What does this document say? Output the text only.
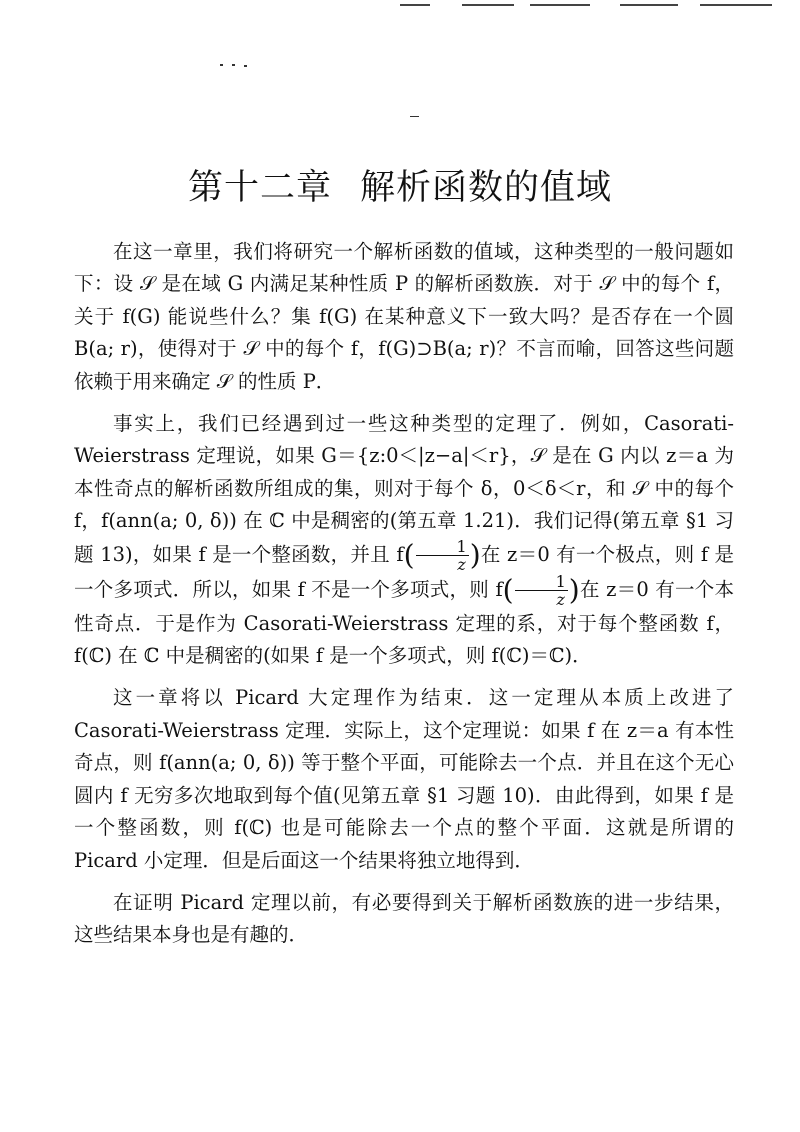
第十二章 解析函数的值域

在这一章里，我们将研究一个解析函数的值域，这种类型的一般问题如下：设 𝒮 是在域 G 内满足某种性质 P 的解析函数族．对于 𝒮 中的每个 f，关于 f(G) 能说些什么？集 f(G) 在某种意义下一致大吗？是否存在一个圆 B(a; r)，使得对于 𝒮 中的每个 f，f(G)⊃B(a; r)？不言而喻，回答这些问题依赖于用来确定 𝒮 的性质 P．

事实上，我们已经遇到过一些这种类型的定理了．例如，Casorati-Weierstrass 定理说，如果 G＝{z:0＜|z−a|＜r}，𝒮 是在 G 内以 z＝a 为本性奇点的解析函数所组成的集，则对于每个 δ，0＜δ＜r，和 𝒮 中的每个 f，f(ann(a; 0, δ)) 在 ℂ 中是稠密的(第五章 1.21)．我们记得(第五章 §1 习题 13)，如果 f 是一个整函数，并且 $f( \frac{1}{z}$ )在 z＝0 有一个极点，则 f 是一个多项式．所以，如果 f 不是一个多项式，则 $f( \frac{1}{z}$ )在 z＝0 有一个本性奇点．于是作为 Casorati-Weierstrass 定理的系，对于每个整函数 f，f(ℂ) 在 ℂ 中是稠密的(如果 f 是一个多项式，则 f(ℂ)＝ℂ)．

这一章将以 Picard 大定理作为结束．这一定理从本质上改进了 Casorati-Weierstrass 定理．实际上，这个定理说：如果 f 在 z＝a 有本性奇点，则 f(ann(a; 0, δ)) 等于整个平面，可能除去一个点．并且在这个无心圆内 f 无穷多次地取到每个值(见第五章 §1 习题 10)．由此得到，如果 f 是一个整函数，则 f(ℂ) 也是可能除去一个点的整个平面．这就是所谓的 Picard 小定理．但是后面这一个结果将独立地得到．

在证明 Picard 定理以前，有必要得到关于解析函数族的进一步结果，这些结果本身也是有趣的．
